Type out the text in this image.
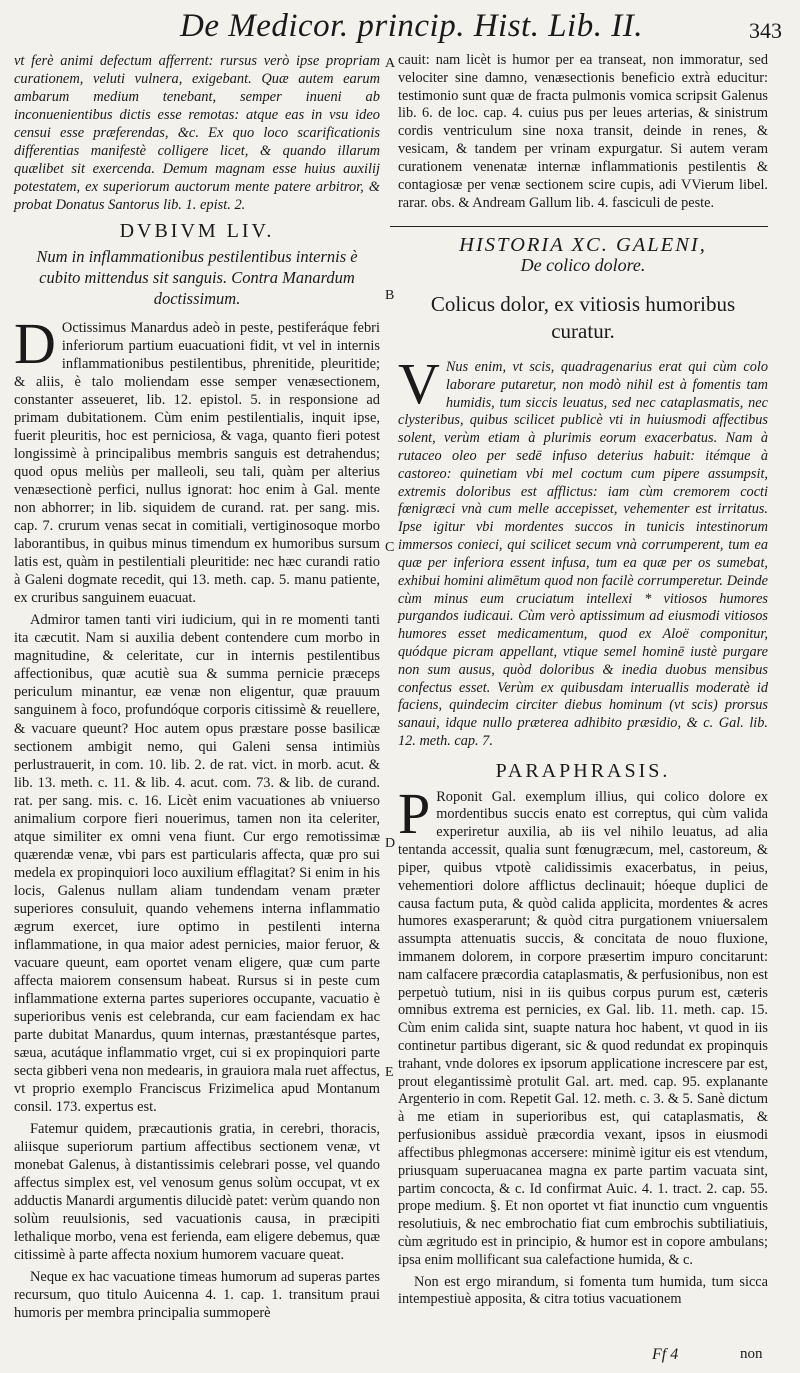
De Medicor. princip. Hist. Lib. II.	343

vt ferè animi defectum afferrent: rursus verò ipse propriam curationem, veluti vulnera, exigebant. Quæ autem earum ambarum medium tenebant, semper inueni ab inconuenientibus dictis esse remotas: atque eas in vsu ideo censui esse præferendas, &c. Ex quo loco scarificationis differentias manifestè colligere licet, & quando illarum quælibet sit exercenda. Demum magnam esse huius auxilij potestatem, ex superiorum auctorum mente patere arbitror, & probat Donatus Santorus lib. 1. epist. 2.

DVBIVM LIV.
Num in inflammationibus pestilentibus internis è cubito mittendus sit sanguis. Contra Manardum doctissimum.

D Octissimus Manardus adeò in peste, pestiferáque febri inferiorum partium euacuationi fidit, vt vel in internis inflammationibus pestilentibus, phrenitide, pleuritide; & aliis, è talo moliendam esse semper venæsectionem, constanter asseueret, lib. 12. epistol. 5. in responsione ad primam dubitationem. Cùm enim pestilentialis, inquit ipse, fuerit pleuritis, hoc est perniciosa, & vaga, quanto fieri potest longissimè à principalibus membris sanguis est detrahendus; quod opus meliùs per malleoli, seu tali, quàm per alterius venæsectionè perfici, nullus ignorat: hoc enim à Gal. mente non abhorrer; in lib. siquidem de curand. rat. per sang. mis. cap. 7. crurum venas secat in comitiali, vertiginosoque morbo laborantibus, in quibus minus timendum ex humoribus sursum latis est, quàm in pestilentiali pleuritide: nec hæc curandi ratio à Galeni dogmate recedit, qui 13. meth. cap. 5. manu patiente, ex cruribus sanguinem euacuat.

Admiror tamen tanti viri iudicium, qui in re momenti tanti ita cæcutit. Nam si auxilia debent contendere cum morbo in magnitudine, & celeritate, cur in internis pestilentibus affectionibus, quæ acutiè sua & summa pernicie præceps periculum minantur, eæ venæ non eligentur, quæ prauum sanguinem à foco, profundóque corporis citissimè & reuellere, & vacuare queunt? Hoc autem opus præstare posse basilicæ sectionem ambigit nemo, qui Galeni sensa intimiùs perlustrauerit, in com. 10. lib. 2. de rat. vict. in morb. acut. & lib. 13. meth. c. 11. & lib. 4. acut. com. 73. & lib. de curand. rat. per sang. mis. c. 16. Licèt enim vacuationes ab vniuerso animalium corpore fieri nouerimus, tamen non ita celeriter, atque similiter ex omni vena fiunt. Cur ergo remotissimæ quærendæ venæ, vbi pars est particularis affecta, quæ pro sui medela ex propinquiori loco auxilium efflagitat? Si enim in his locis, Galenus nullam aliam tundendam venam præter superiores consuluit, quando vehemens interna inflammatio ægrum exercet, iure optimo in pestilenti interna inflammatione, in qua maior adest pernicies, maior feruor, & vacuare queunt, eam oportet venam eligere, quæ cum parte affecta maiorem consensum habeat. Rursus si in peste cum inflammatione externa partes superiores occupante, vacuatio è superioribus venis est celebranda, cur eam faciendam ex hac parte dubitat Manardus, quum internas, præstantésque partes, sæua, acutáque inflammatio vrget, cui si ex propinquiori parte secta gibberi vena non medearis, in grauiora mala ruet affectus, vt proprio exemplo Franciscus Frizimelica apud Montanum consil. 173. expertus est.

Fatemur quidem, præcautionis gratia, in cerebri, thoracis, aliisque superiorum partium affectibus sectionem venæ, vt monebat Galenus, à distantissimis celebrari posse, vel quando affectus simplex est, vel venosum genus solùm occupat, vt ex adductis Manardi argumentis dilucidè patet: verùm quando non solùm reuulsionis, sed vacuationis causa, in præcipiti lethalique morbo, vena est ferienda, eam eligere debemus, quæ citissimè à parte affecta noxium humorem vacuare queat.

Neque ex hac vacuatione timeas humorum ad superas partes recursum, quo titulo Auicenna 4. 1. cap. 1. transitum praui humoris per membra principalia summoperè

cauit: nam licèt is humor per ea transeat, non immoratur, sed velociter sine damno, venæsectionis beneficio extrà educitur: testimonio sunt quæ de fracta pulmonis vomica scripsit Galenus lib. 6. de loc. cap. 4. cuius pus per leues arterias, & sinistrum cordis ventriculum sine noxa transit, deinde in renes, & vesicam, & tandem per vrinam expurgatur. Si autem veram curationem venenatæ internæ inflammationis pestilentis & contagiosæ per venæ sectionem scire cupis, adi VVierum libel. rarar. obs. & Andream Gallum lib. 4. fasciculi de peste.

HISTORIA XC. GALENI,
De colico dolore.
Colicus dolor, ex vitiosis humoribus curatur.

V Nus enim, vt scis, quadragenarius erat qui cùm colo laborare putaretur, non modò nihil est à fomentis tam humidis, tum siccis leuatus, sed nec cataplasmatis, nec clysteribus, quibus scilicet publicè vti in huiusmodi affectibus solent, verùm etiam à plurimis eorum exacerbatus. Nam à rutaceo oleo per sedē infuso deterius habuit: itémque à castoreo: quinetiam vbi mel coctum cum pipere assumpsit, extremis doloribus est afflictus: iam cùm cremorem cocti fœnigræci vnà cum melle accepisset, vehementer est irritatus. Ipse igitur vbi mordentes succos in tunicis intestinorum immersos conieci, qui scilicet secum vnà corrumperent, tum ea quæ per inferiora essent infusa, tum ea quæ per os sumebat, exhibui homini alimētum quod non facilè corrumperetur. Deinde cùm minus eum cruciatum intellexi * vitiosos humores purgandos iudicaui. Cùm verò aptissimum ad eiusmodi vitiosos humores esset medicamentum, quod ex Aloë componitur, quódque picram appellant, vtique semel hominē iustè purgare non sum ausus, quòd doloribus & inedia duobus mensibus confectus esset. Verùm ex quibusdam interuallis moderatè id faciens, quindecim circiter diebus hominum (vt scis) prorsus sanaui, idque nullo præterea adhibito præsidio, & c. Gal. lib. 12. meth. cap. 7.

PARAPHRASIS.

P Roponit Gal. exemplum illius, qui colico dolore ex mordentibus succis enato est correptus, qui cùm valida experiretur auxilia, ab iis vel nihilo leuatus, ad alia tentanda accessit, qualia sunt fœnugræcum, mel, castoreum, & piper, quibus vtpotè calidissimis exacerbatus, in peius, vehementiori dolore afflictus declinauit; hóeque duplici de causa factum puta, & quòd calida applicita, mordentes & acres humores exasperarunt; & quòd citra purgationem vniuersalem assumpta attenuatis succis, & concitata de nouo fluxione, immanem dolorem, in corpore præsertim impuro concitarunt: nam calfacere præcordia cataplasmatis, & perfusionibus, non est perpetuò tutium, nisi in iis quibus corpus purum est, cæteris omnibus extrema est pernicies, ex Gal. lib. 11. meth. cap. 15. Cùm enim calida sint, suapte natura hoc habent, vt quod in iis continetur partibus digerant, sic & quod redundat ex propinquis trahant, vnde dolores ex ipsorum applicatione increscere par est, prout elegantissimè protulit Gal. art. med. cap. 95. explanante Argenterio in com. Repetit Gal. 12. meth. c. 3. & 5. Sanè dictum à me etiam in superioribus est, qui cataplasmatis, & perfusionibus assiduè præcordia vexant, ipsos in eiusmodi affectibus phlegmonas accersere: minimè igitur eis est vtendum, priusquam superuacanea magna ex parte partim vacuata sint, partim concocta, & c. Id confirmat Auic. 4. 1. tract. 2. cap. 55. prope medium. §. Et non oportet vt fiat inunctio cum vnguentis resolutiuis, & nec embrochatio fiat cum embrochis subtiliatiuis, cùm ægritudo est in principio, & humor est in copore ambulans; ipsa enim mollificant sua calefactione humida, & c.

Non est ergo mirandum, si fomenta tum humida, tum sicca intempestiuè apposita, & citra totius vacuationem

A
B
C
D
E
Ff 4	non
